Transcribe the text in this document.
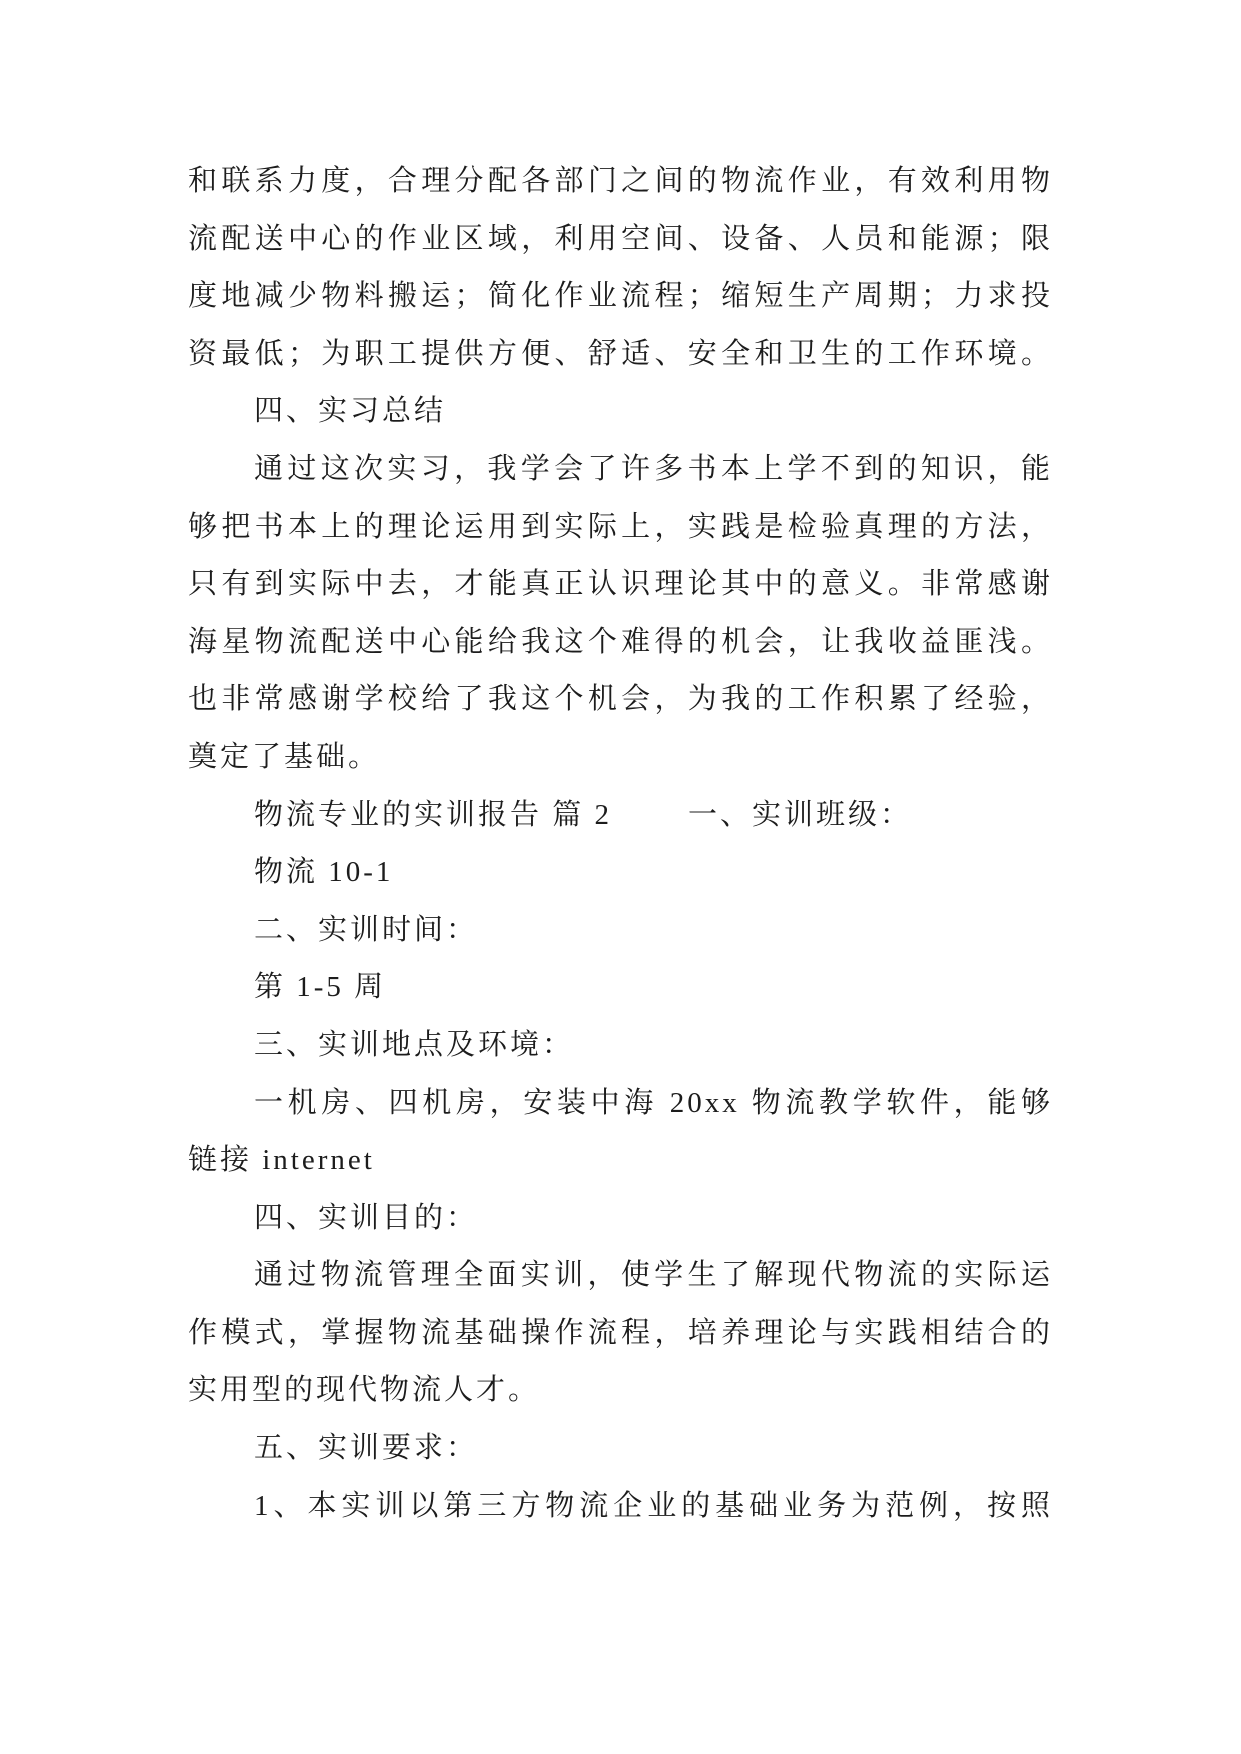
和联系力度，合理分配各部门之间的物流作业，有效利用物
流配送中心的作业区域，利用空间、设备、人员和能源；限
度地减少物料搬运；简化作业流程；缩短生产周期；力求投
资最低；为职工提供方便、舒适、安全和卫生的工作环境。
四、实习总结
通过这次实习，我学会了许多书本上学不到的知识，能
够把书本上的理论运用到实际上，实践是检验真理的方法，
只有到实际中去，才能真正认识理论其中的意义。非常感谢
海星物流配送中心能给我这个难得的机会，让我收益匪浅。
也非常感谢学校给了我这个机会，为我的工作积累了经验，
奠定了基础。
物流专业的实训报告 篇 2	一、实训班级：
物流 10-1
二、实训时间：
第 1-5 周
三、实训地点及环境：
一机房、四机房，安装中海 20xx 物流教学软件，能够
链接 internet
四、实训目的：
通过物流管理全面实训，使学生了解现代物流的实际运
作模式，掌握物流基础操作流程，培养理论与实践相结合的
实用型的现代物流人才。
五、实训要求：
1、本实训以第三方物流企业的基础业务为范例，按照
